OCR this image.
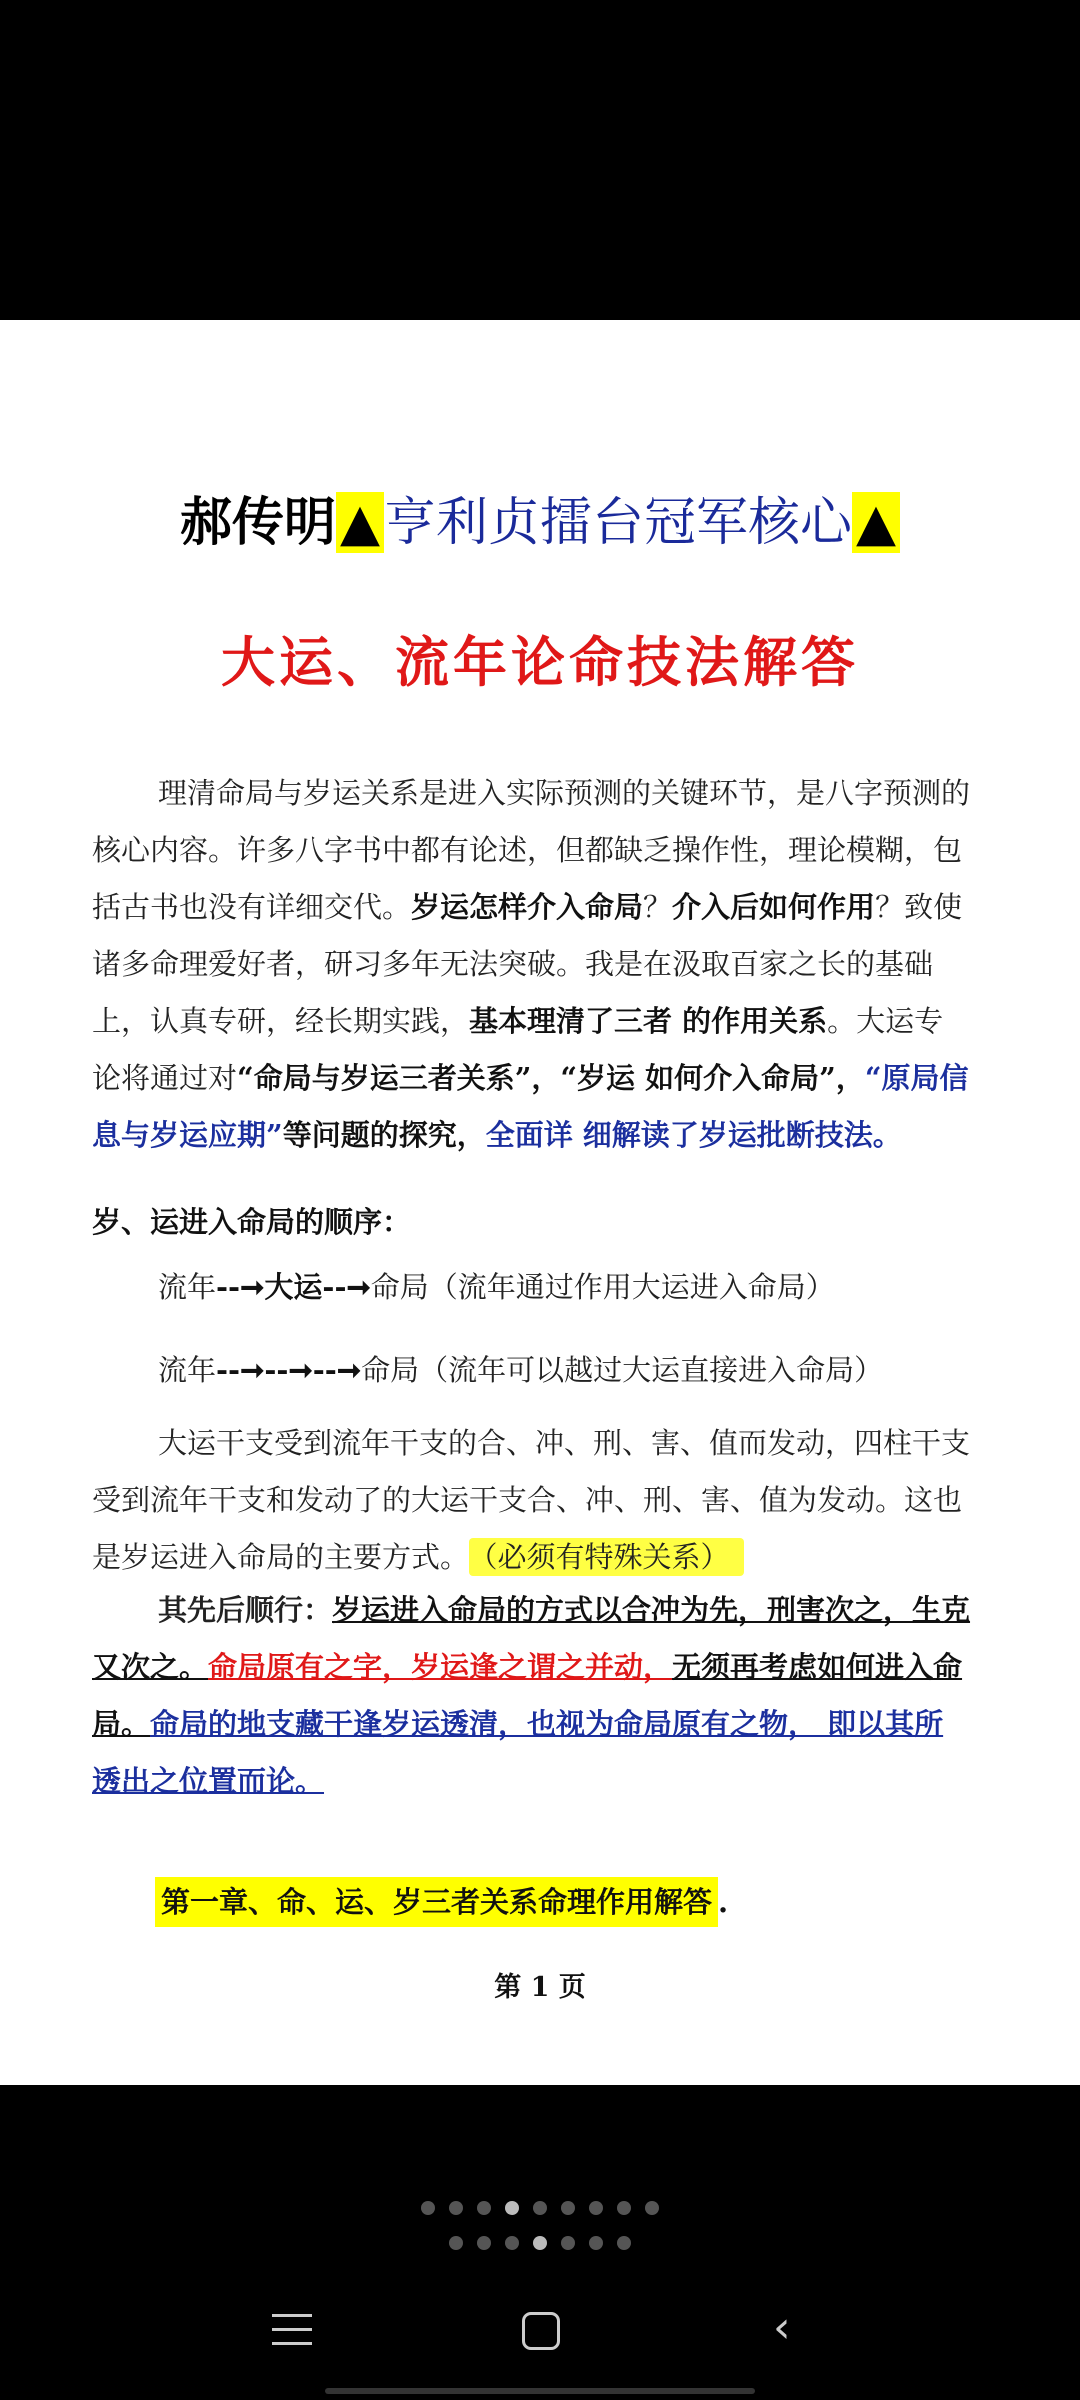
郝传明▲亨利贞擂台冠军核心▲
大运、流年论命技法解答
理清命局与岁运关系是进入实际预测的关键环节，是八字预测的核心内容。许多八字书中都有论述，但都缺乏操作性，理论模糊，包括古书也没有详细交代。岁运怎样介入命局？介入后如何作用？致使诸多命理爱好者，研习多年无法突破。我是在汲取百家之长的基础上，认真专研，经长期实践，基本理清了三者 的作用关系。大运专论将通过对“命局与岁运三者关系”，“岁运 如何介入命局”，“原局信息与岁运应期”等问题的探究，全面详 细解读了岁运批断技法。
岁、运进入命局的顺序：
流年--➞大运--➞命局（流年通过作用大运进入命局）
流年--➞--➞--➞命局（流年可以越过大运直接进入命局）
大运干支受到流年干支的合、冲、刑、害、值而发动，四柱干支受到流年干支和发动了的大运干支合、冲、刑、害、值为发动。这也是岁运进入命局的主要方式。 （必须有特殊关系）
其先后顺行：岁运进入命局的方式以合冲为先，刑害次之，生克又次之。命局原有之字，岁运逢之谓之并动，无须再考虑如何进入命局。命局的地支藏干逢岁运透清，也视为命局原有之物， 即以其所透出之位置而论。
第一章、命、运、岁三者关系命理作用解答 .
第 1 页
‹
